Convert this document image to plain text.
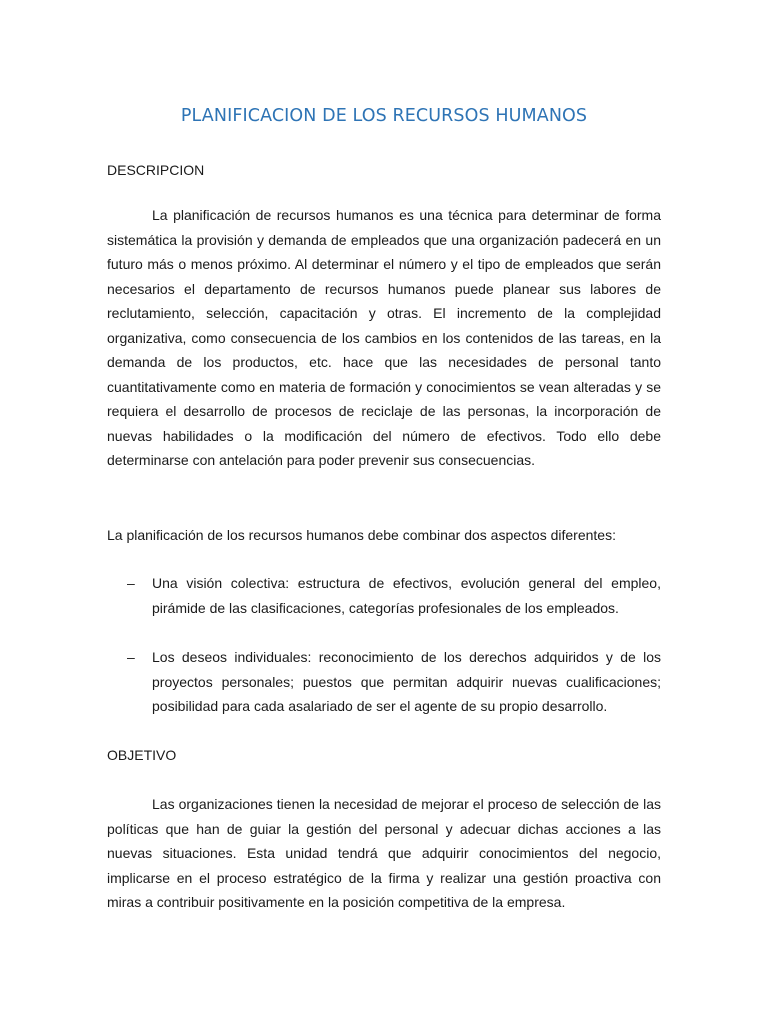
PLANIFICACION DE LOS RECURSOS HUMANOS

DESCRIPCION

La planificación de recursos humanos es una técnica para determinar de forma sistemática la provisión y demanda de empleados que una organización padecerá en un futuro más o menos próximo. Al determinar el número y el tipo de empleados que serán necesarios el departamento de recursos humanos puede planear sus labores de reclutamiento, selección, capacitación y otras. El incremento de la complejidad organizativa, como consecuencia de los cambios en los contenidos de las tareas, en la demanda de los productos, etc. hace que las necesidades de personal tanto cuantitativamente como en materia de formación y conocimientos se vean alteradas y se requiera el desarrollo de procesos de reciclaje de las personas, la incorporación de nuevas habilidades o la modificación del número de efectivos. Todo ello debe determinarse con antelación para poder prevenir sus consecuencias.

La planificación de los recursos humanos debe combinar dos aspectos diferentes:

– Una visión colectiva: estructura de efectivos, evolución general del empleo, pirámide de las clasificaciones, categorías profesionales de los empleados.
– Los deseos individuales: reconocimiento de los derechos adquiridos y de los proyectos personales; puestos que permitan adquirir nuevas cualificaciones; posibilidad para cada asalariado de ser el agente de su propio desarrollo.

OBJETIVO

Las organizaciones tienen la necesidad de mejorar el proceso de selección de las políticas que han de guiar la gestión del personal y adecuar dichas acciones a las nuevas situaciones. Esta unidad tendrá que adquirir conocimientos del negocio, implicarse en el proceso estratégico de la firma y realizar una gestión proactiva con miras a contribuir positivamente en la posición competitiva de la empresa.
